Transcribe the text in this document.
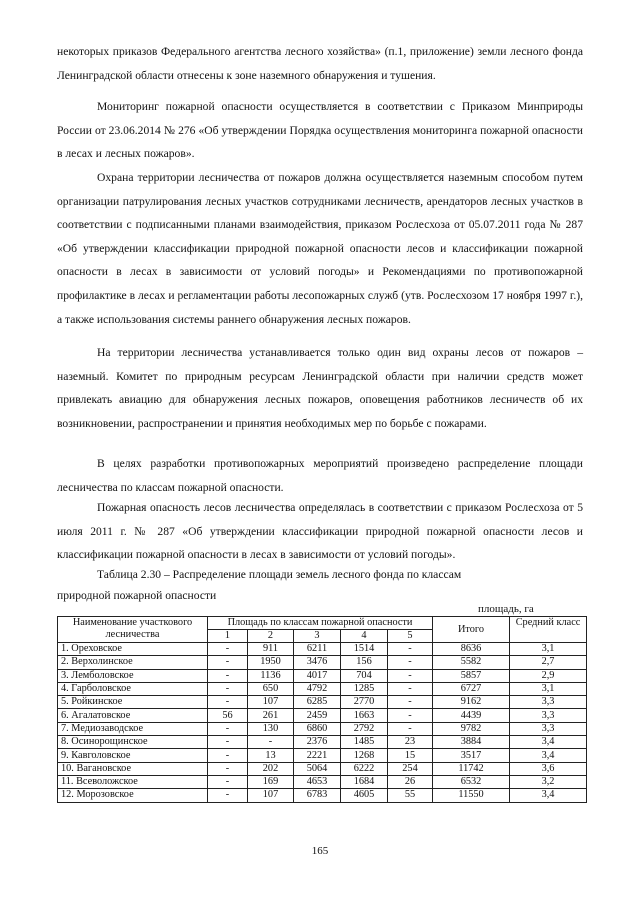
некоторых приказов Федерального агентства лесного хозяйства» (п.1, приложение) земли лесного фонда Ленинградской области отнесены к зоне наземного обнаружения и тушения.

Мониторинг пожарной опасности осуществляется в соответствии с Приказом Минприроды России от 23.06.2014 № 276 «Об утверждении Порядка осуществления мониторинга пожарной опасности в лесах и лесных пожаров».

Охрана территории лесничества от пожаров должна осуществляется наземным способом путем организации патрулирования лесных участков сотрудниками лесничеств, арендаторов лесных участков в соответствии с подписанными планами взаимодействия, приказом Рослесхоза от 05.07.2011 года № 287 «Об утверждении классификации природной пожарной опасности лесов и классификации пожарной опасности в лесах в зависимости от условий погоды» и Рекомендациями по противопожарной профилактике в лесах и регламентации работы лесопожарных служб (утв. Рослесхозом 17 ноября 1997 г.), а также использования системы раннего обнаружения лесных пожаров.

На территории лесничества устанавливается только один вид охраны лесов от пожаров – наземный. Комитет по природным ресурсам Ленинградской области при наличии средств может привлекать авиацию для обнаружения лесных пожаров, оповещения работников лесничеств об их возникновении, распространении и принятия необходимых мер по борьбе с пожарами.

В целях разработки противопожарных мероприятий произведено распределение площади лесничества по классам пожарной опасности.

Пожарная опасность лесов лесничества определялась в соответствии с приказом Рослесхоза от 5 июля 2011 г. № 287 «Об утверждении классификации природной пожарной опасности лесов и классификации пожарной опасности в лесах в зависимости от условий погоды».

Таблица 2.30 – Распределение площади земель лесного фонда по классам
природной пожарной опасности
площадь, га
Наименование участкового лесничества	Площадь по классам пожарной опасности					Итого	Средний класс
	1	2	3	4	5		
1. Ореховское	-	911	6211	1514	-	8636	3,1
2. Верхолинское	-	1950	3476	156	-	5582	2,7
3. Лемболовское	-	1136	4017	704	-	5857	2,9
4. Гарболовское	-	650	4792	1285	-	6727	3,1
5. Ройкинское	-	107	6285	2770	-	9162	3,3
6. Агалатовское	56	261	2459	1663	-	4439	3,3
7. Медиозаводское	-	130	6860	2792	-	9782	3,3
8. Осинорощинское	-	-	2376	1485	23	3884	3,4
9. Кавголовское	-	13	2221	1268	15	3517	3,4
10. Вагановское	-	202	5064	6222	254	11742	3,6
11. Всеволожское	-	169	4653	1684	26	6532	3,2
12. Морозовское	-	107	6783	4605	55	11550	3,4
165
